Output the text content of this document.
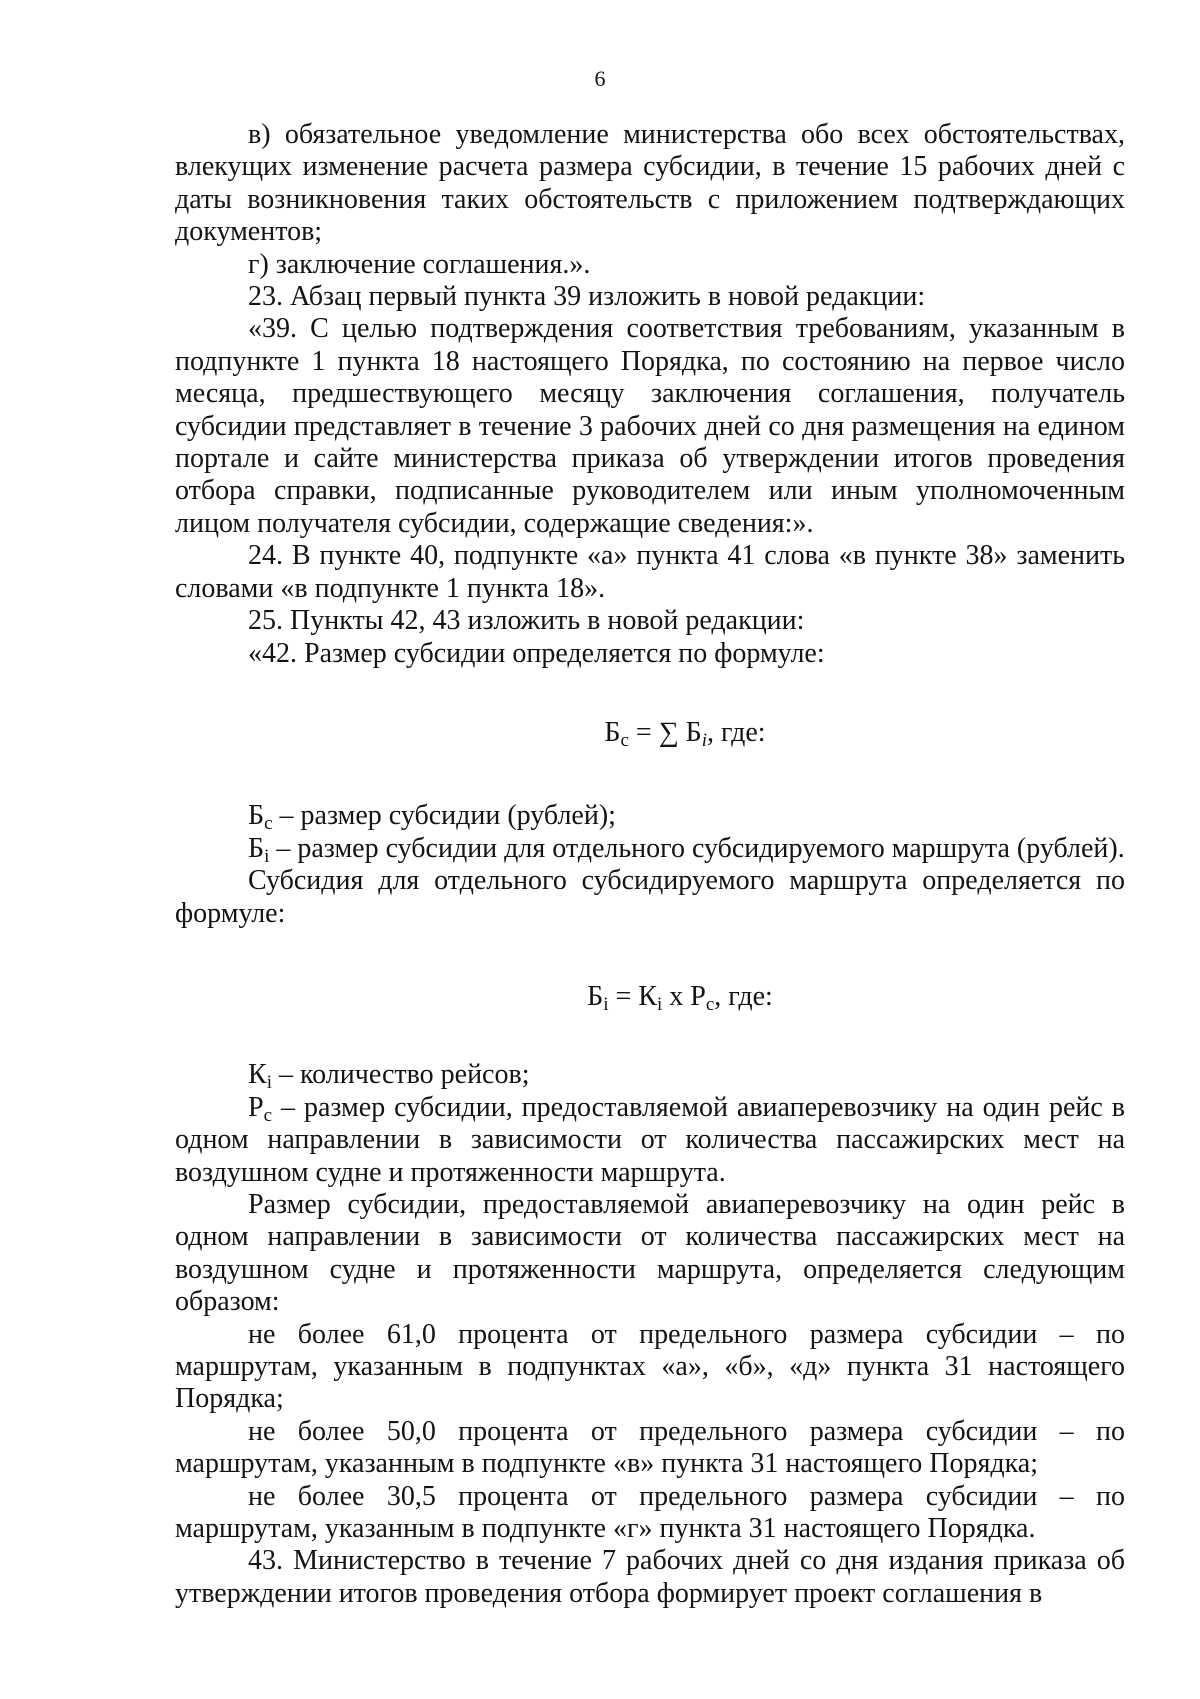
6

в) обязательное уведомление министерства обо всех обстоятельствах, влекущих изменение расчета размера субсидии, в течение 15 рабочих дней с даты возникновения таких обстоятельств с приложением подтверждающих документов;

г) заключение соглашения.».

23. Абзац первый пункта 39 изложить в новой редакции:

«39. С целью подтверждения соответствия требованиям, указанным в подпункте 1 пункта 18 настоящего Порядка, по состоянию на первое число месяца, предшествующего месяцу заключения соглашения, получатель субсидии представляет в течение 3 рабочих дней со дня размещения на едином портале и сайте министерства приказа об утверждении итогов проведения отбора справки, подписанные руководителем или иным уполномоченным лицом получателя субсидии, содержащие сведения:».

24. В пункте 40, подпункте «а» пункта 41 слова «в пункте 38» заменить словами «в подпункте 1 пункта 18».

25. Пункты 42, 43 изложить в новой редакции:

«42. Размер субсидии определяется по формуле:

$Б_с$ = ∑ $Б_i$, где:

$Б_с$ – размер субсидии (рублей);

$Б_i$ – размер субсидии для отдельного субсидируемого маршрута (рублей).

Субсидия для отдельного субсидируемого маршрута определяется по формуле:

$Б_i = К_i$ х $Р_с$, где:

$К_i$ – количество рейсов;

$Р_с$ – размер субсидии, предоставляемой авиаперевозчику на один рейс в одном направлении в зависимости от количества пассажирских мест на воздушном судне и протяженности маршрута.

Размер субсидии, предоставляемой авиаперевозчику на один рейс в одном направлении в зависимости от количества пассажирских мест на воздушном судне и протяженности маршрута, определяется следующим образом:

не более 61,0 процента от предельного размера субсидии – по маршрутам, указанным в подпунктах «а», «б», «д» пункта 31 настоящего Порядка;

не более 50,0 процента от предельного размера субсидии – по маршрутам, указанным в подпункте «в» пункта 31 настоящего Порядка;

не более 30,5 процента от предельного размера субсидии – по маршрутам, указанным в подпункте «г» пункта 31 настоящего Порядка.

43. Министерство в течение 7 рабочих дней со дня издания приказа об утверждении итогов проведения отбора формирует проект соглашения в
